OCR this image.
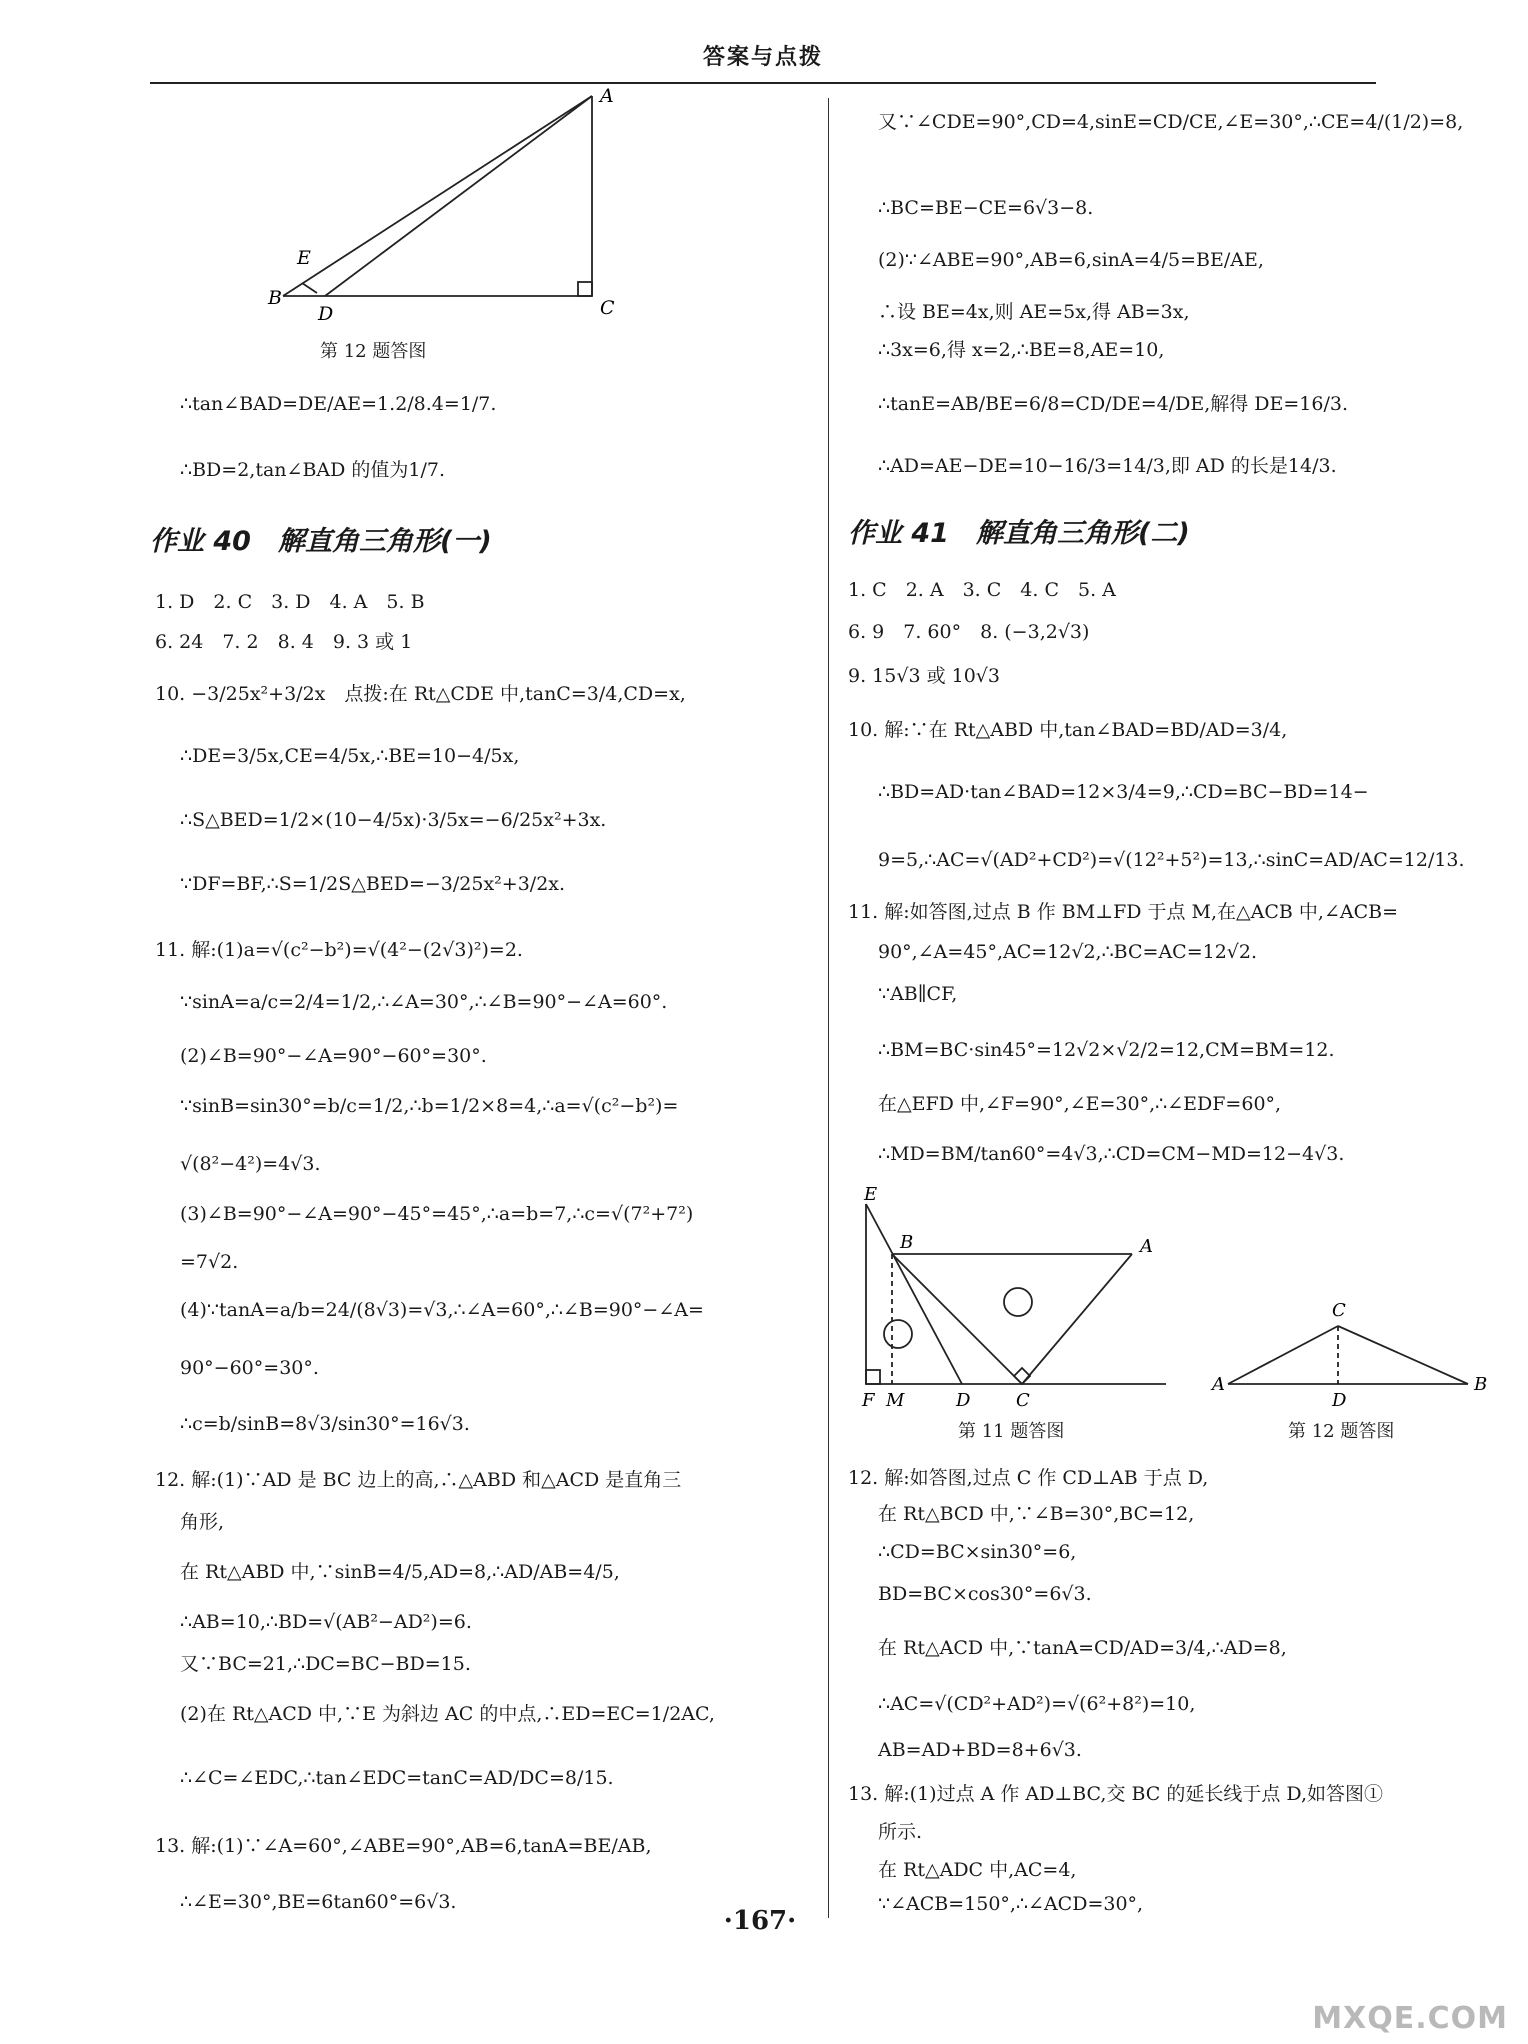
答案与点拨
A
E
B
D	C
第 12 题答图
∴tan∠BAD=DE/AE=1.2/8.4=1/7.
∴BD=2,tan∠BAD 的值为1/7.
作业 40　解直角三角形(一)
1. D　2. C　3. D　4. A　5. B
6. 24　7. 2　8. 4　9. 3 或 1
10. −3/25x²+3/2x　点拨:在 Rt△CDE 中,tanC=3/4,CD=x,
∴DE=3/5x,CE=4/5x,∴BE=10−4/5x,
∴S△BED=1/2×(10−4/5x)·3/5x=−6/25x²+3x.
∵DF=BF,∴S=1/2S△BED=−3/25x²+3/2x.
11. 解:(1)a=√(c²−b²)=√(4²−(2√3)²)=2.
∵sinA=a/c=2/4=1/2,∴∠A=30°,∴∠B=90°−∠A=60°.
(2)∠B=90°−∠A=90°−60°=30°.
∵sinB=sin30°=b/c=1/2,∴b=1/2×8=4,∴a=√(c²−b²)=
√(8²−4²)=4√3.
(3)∠B=90°−∠A=90°−45°=45°,∴a=b=7,∴c=√(7²+7²)
=7√2.
(4)∵tanA=a/b=24/(8√3)=√3,∴∠A=60°,∴∠B=90°−∠A=
90°−60°=30°.
∴c=b/sinB=8√3/sin30°=16√3.
12. 解:(1)∵AD 是 BC 边上的高,∴△ABD 和△ACD 是直角三
角形,
在 Rt△ABD 中,∵sinB=4/5,AD=8,∴AD/AB=4/5,
∴AB=10,∴BD=√(AB²−AD²)=6.
又∵BC=21,∴DC=BC−BD=15.
(2)在 Rt△ACD 中,∵E 为斜边 AC 的中点,∴ED=EC=1/2AC,
∴∠C=∠EDC,∴tan∠EDC=tanC=AD/DC=8/15.
13. 解:(1)∵∠A=60°,∠ABE=90°,AB=6,tanA=BE/AB,
∴∠E=30°,BE=6tan60°=6√3.
又∵∠CDE=90°,CD=4,sinE=CD/CE,∠E=30°,∴CE=4/(1/2)=8,
∴BC=BE−CE=6√3−8.
(2)∵∠ABE=90°,AB=6,sinA=4/5=BE/AE,
∴设 BE=4x,则 AE=5x,得 AB=3x,
∴3x=6,得 x=2,∴BE=8,AE=10,
∴tanE=AB/BE=6/8=CD/DE=4/DE,解得 DE=16/3.
∴AD=AE−DE=10−16/3=14/3,即 AD 的长是14/3.
作业 41　解直角三角形(二)
1. C　2. A　3. C　4. C　5. A
6. 9　7. 60°　8. (−3,2√3)
9. 15√3 或 10√3
10. 解:∵在 Rt△ABD 中,tan∠BAD=BD/AD=3/4,
∴BD=AD·tan∠BAD=12×3/4=9,∴CD=BC−BD=14−
9=5,∴AC=√(AD²+CD²)=√(12²+5²)=13,∴sinC=AD/AC=12/13.
11. 解:如答图,过点 B 作 BM⊥FD 于点 M,在△ACB 中,∠ACB=
90°,∠A=45°,AC=12√2,∴BC=AC=12√2.
∵AB∥CF,
∴BM=BC·sin45°=12√2×√2/2=12,CM=BM=12.
在△EFD 中,∠F=90°,∠E=30°,∴∠EDF=60°,
∴MD=BM/tan60°=4√3,∴CD=CM−MD=12−4√3.
E
B	A
F M	D	C
C
A
D
B
第 11 题答图	第 12 题答图
12. 解:如答图,过点 C 作 CD⊥AB 于点 D,
在 Rt△BCD 中,∵∠B=30°,BC=12,
∴CD=BC×sin30°=6,
BD=BC×cos30°=6√3.
在 Rt△ACD 中,∵tanA=CD/AD=3/4,∴AD=8,
∴AC=√(CD²+AD²)=√(6²+8²)=10,
AB=AD+BD=8+6√3.
13. 解:(1)过点 A 作 AD⊥BC,交 BC 的延长线于点 D,如答图①
所示.
在 Rt△ADC 中,AC=4,
∵∠ACB=150°,∴∠ACD=30°,
·167·
MXQE.COM
